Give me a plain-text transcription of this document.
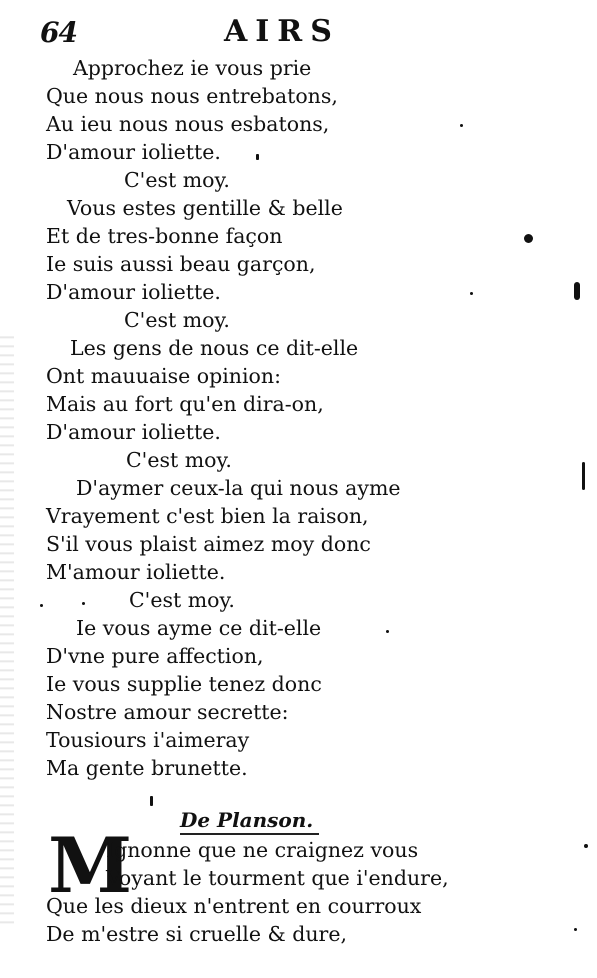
64	AIRS
Approchez ie vous prie
Que nous nous entrebatons,
Au ieu nous nous esbatons,
D'amour ioliette.
C'est moy.
Vous estes gentille & belle
Et de tres-bonne façon
Ie suis aussi beau garçon,
D'amour ioliette.
C'est moy.
Les gens de nous ce dit-elle
Ont mauuaise opinion:
Mais au fort qu'en dira-on,
D'amour ioliette.
C'est moy.
D'aymer ceux-la qui nous ayme
Vrayement c'est bien la raison,
S'il vous plaist aimez moy donc
M'amour ioliette.
C'est moy.
Ie vous ayme ce dit-elle
D'vne pure affection,
Ie vous supplie tenez donc
Nostre amour secrette:
Tousiours i'aimeray
Ma gente brunette.
De Planson.
M
Ignonne que ne craignez vous
Voyant le tourment que i'endure,
Que les dieux n'entrent en courroux
De m'estre si cruelle & dure,
